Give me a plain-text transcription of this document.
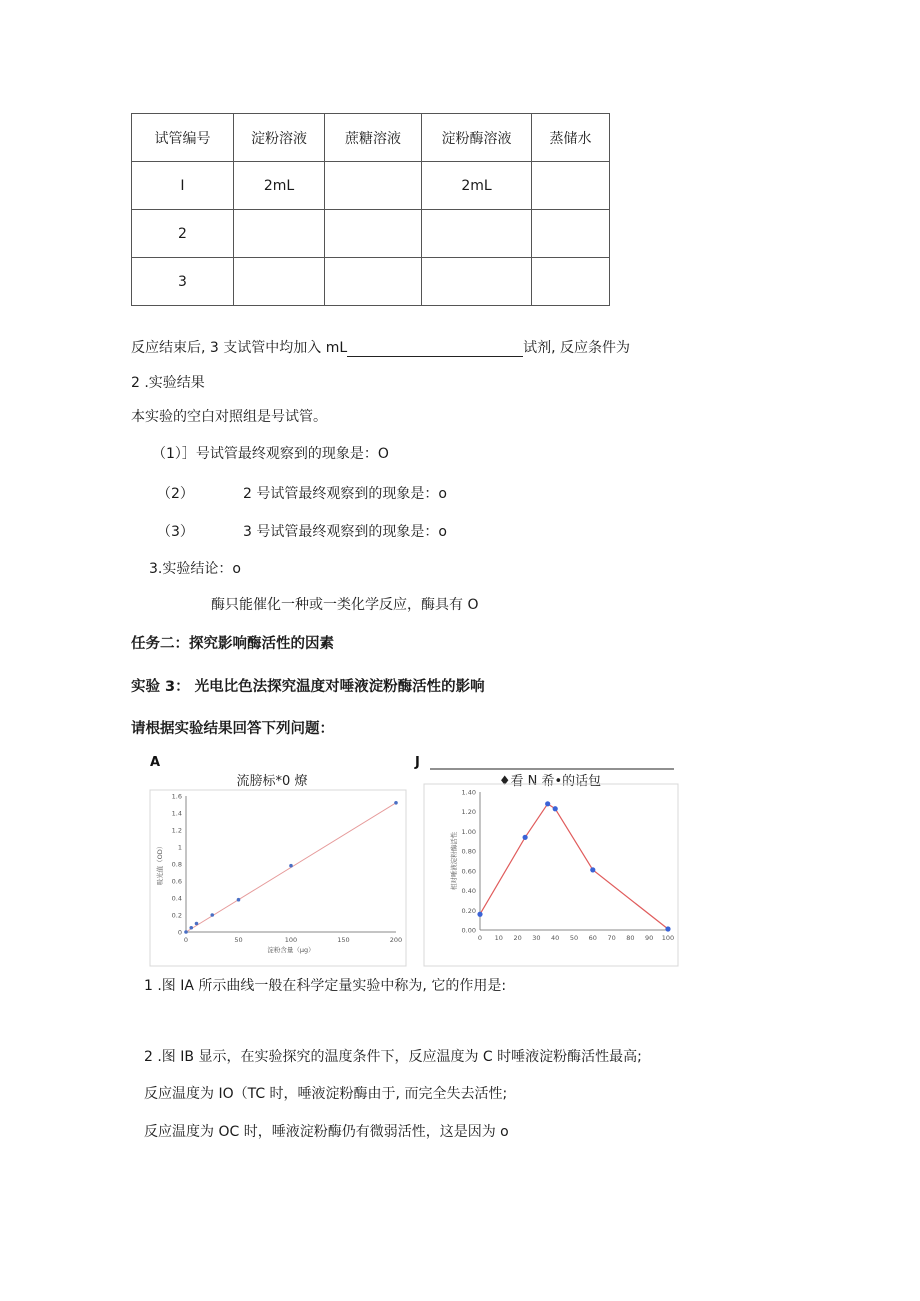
试管编号	淀粉溶液	蔗糖溶液	淀粉酶溶液	蒸储水
I	2mL		2mL	
2				
3				
反应结束后, 3 支试管中均加入 mL	试剂, 反应条件为
2 .实验结果
本实验的空白对照组是号试管。
（1）］号试管最终观察到的现象是：O
（2）	2 号试管最终观察到的现象是：o
（3）	3 号试管最终观察到的现象是：o
3.实验结论：o
酶只能催化一种或一类化学反应，酶具有 O
任务二：探究影响酶活性的因素
实验 3： 光电比色法探究温度对唾液淀粉酶活性的影响
请根据实验结果回答下列问题：
A
流膀标*0 燎
0
0.2
0.4
0.6
0.8
1
1.2
1.4
1.6
0	50	100	150	200
淀粉含量（μg）
吸光值（OD）
J
♦看 N 希•的话包
0.00
0.20
0.40
0.60
0.80
1.00
1.20
1.40
0 10 20 30 40 50 60 70 80 90 100
相对唾液淀粉酶活性
1 .图 IA 所示曲线一般在科学定量实验中称为, 它的作用是:
2 .图 IB 显示，在实验探究的温度条件下，反应温度为 C 时唾液淀粉酶活性最高;
反应温度为 IO（TC 时，唾液淀粉酶由于, 而完全失去活性;
反应温度为 OC 时，唾液淀粉酶仍有微弱活性，这是因为 o
